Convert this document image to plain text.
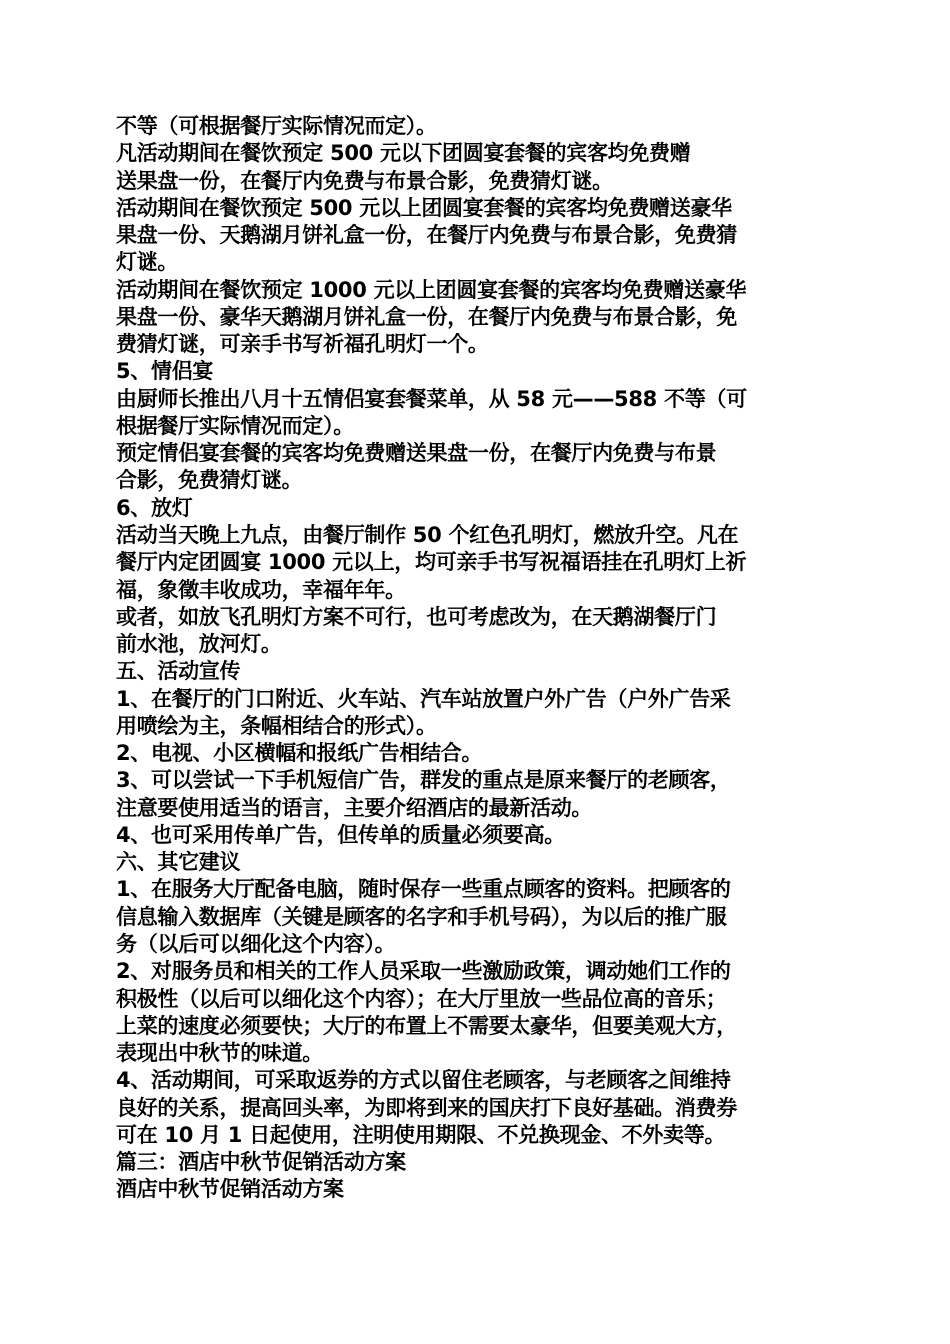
不等（可根据餐厅实际情况而定）。
凡活动期间在餐饮预定 500 元以下团圆宴套餐的宾客均免费赠
送果盘一份，在餐厅内免费与布景合影，免费猜灯谜。
活动期间在餐饮预定 500 元以上团圆宴套餐的宾客均免费赠送豪华
果盘一份、天鹅湖月饼礼盒一份，在餐厅内免费与布景合影，免费猜
灯谜。
活动期间在餐饮预定 1000 元以上团圆宴套餐的宾客均免费赠送豪华
果盘一份、豪华天鹅湖月饼礼盒一份，在餐厅内免费与布景合影，免
费猜灯谜，可亲手书写祈福孔明灯一个。
5、情侣宴
由厨师长推出八月十五情侣宴套餐菜单，从 58 元——588 不等（可
根据餐厅实际情况而定）。
预定情侣宴套餐的宾客均免费赠送果盘一份，在餐厅内免费与布景
合影，免费猜灯谜。
6、放灯
活动当天晚上九点，由餐厅制作 50 个红色孔明灯，燃放升空。凡在
餐厅内定团圆宴 1000 元以上，均可亲手书写祝福语挂在孔明灯上祈
福，象徵丰收成功，幸福年年。
或者，如放飞孔明灯方案不可行，也可考虑改为，在天鹅湖餐厅门
前水池，放河灯。
五、活动宣传
1、在餐厅的门口附近、火车站、汽车站放置户外广告（户外广告采
用喷绘为主，条幅相结合的形式）。
2、电视、小区横幅和报纸广告相结合。
3、可以尝试一下手机短信广告，群发的重点是原来餐厅的老顾客，
注意要使用适当的语言，主要介绍酒店的最新活动。
4、也可采用传单广告，但传单的质量必须要高。
六、其它建议
1、在服务大厅配备电脑，随时保存一些重点顾客的资料。把顾客的
信息输入数据库（关键是顾客的名字和手机号码），为以后的推广服
务（以后可以细化这个内容）。
2、对服务员和相关的工作人员采取一些激励政策，调动她们工作的
积极性（以后可以细化这个内容）；在大厅里放一些品位高的音乐；
上菜的速度必须要快；大厅的布置上不需要太豪华，但要美观大方，
表现出中秋节的味道。
4、活动期间，可采取返券的方式以留住老顾客，与老顾客之间维持
良好的关系，提高回头率，为即将到来的国庆打下良好基础。消费券
可在 10 月 1 日起使用，注明使用期限、不兑换现金、不外卖等。
篇三：酒店中秋节促销活动方案
酒店中秋节促销活动方案
